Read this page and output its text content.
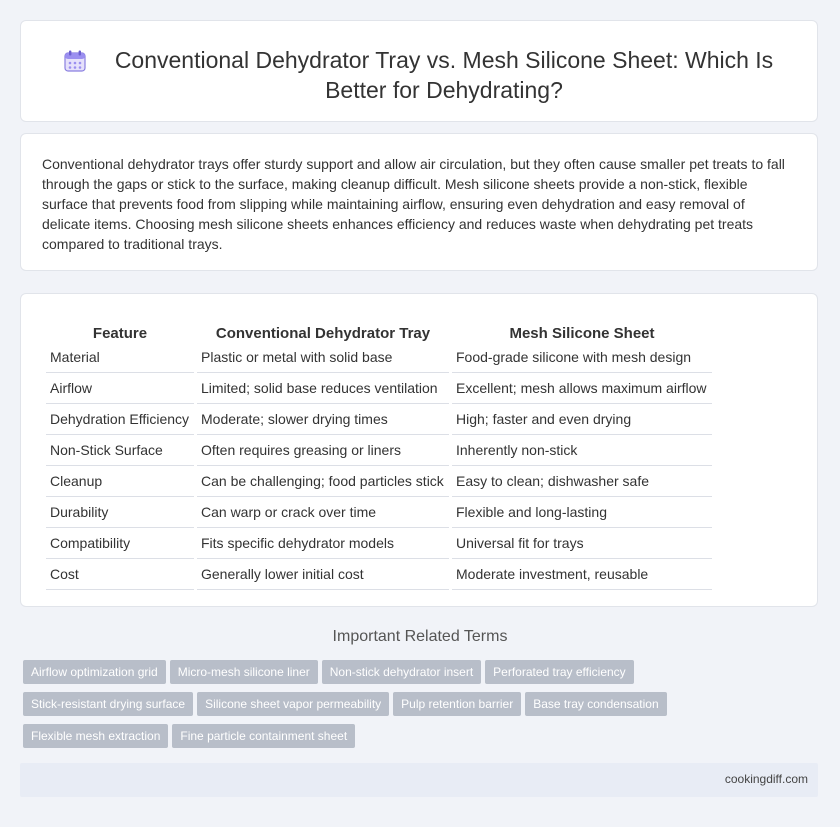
Conventional Dehydrator Tray vs. Mesh Silicone Sheet: Which Is Better for Dehydrating?

Conventional dehydrator trays offer sturdy support and allow air circulation, but they often cause smaller pet treats to fall through the gaps or stick to the surface, making cleanup difficult. Mesh silicone sheets provide a non-stick, flexible surface that prevents food from slipping while maintaining airflow, ensuring even dehydration and easy removal of delicate items. Choosing mesh silicone sheets enhances efficiency and reduces waste when dehydrating pet treats compared to traditional trays.

Feature	Conventional Dehydrator Tray	Mesh Silicone Sheet
Material	Plastic or metal with solid base	Food-grade silicone with mesh design
Airflow	Limited; solid base reduces ventilation	Excellent; mesh allows maximum airflow
Dehydration Efficiency	Moderate; slower drying times	High; faster and even drying
Non-Stick Surface	Often requires greasing or liners	Inherently non-stick
Cleanup	Can be challenging; food particles stick	Easy to clean; dishwasher safe
Durability	Can warp or crack over time	Flexible and long-lasting
Compatibility	Fits specific dehydrator models	Universal fit for trays
Cost	Generally lower initial cost	Moderate investment, reusable
Important Related Terms
Airflow optimization grid Micro-mesh silicone liner Non-stick dehydrator insert Perforated tray efficiency
Stick-resistant drying surface Silicone sheet vapor permeability Pulp retention barrier Base tray condensation
Flexible mesh extraction Fine particle containment sheet
cookingdiff.com
